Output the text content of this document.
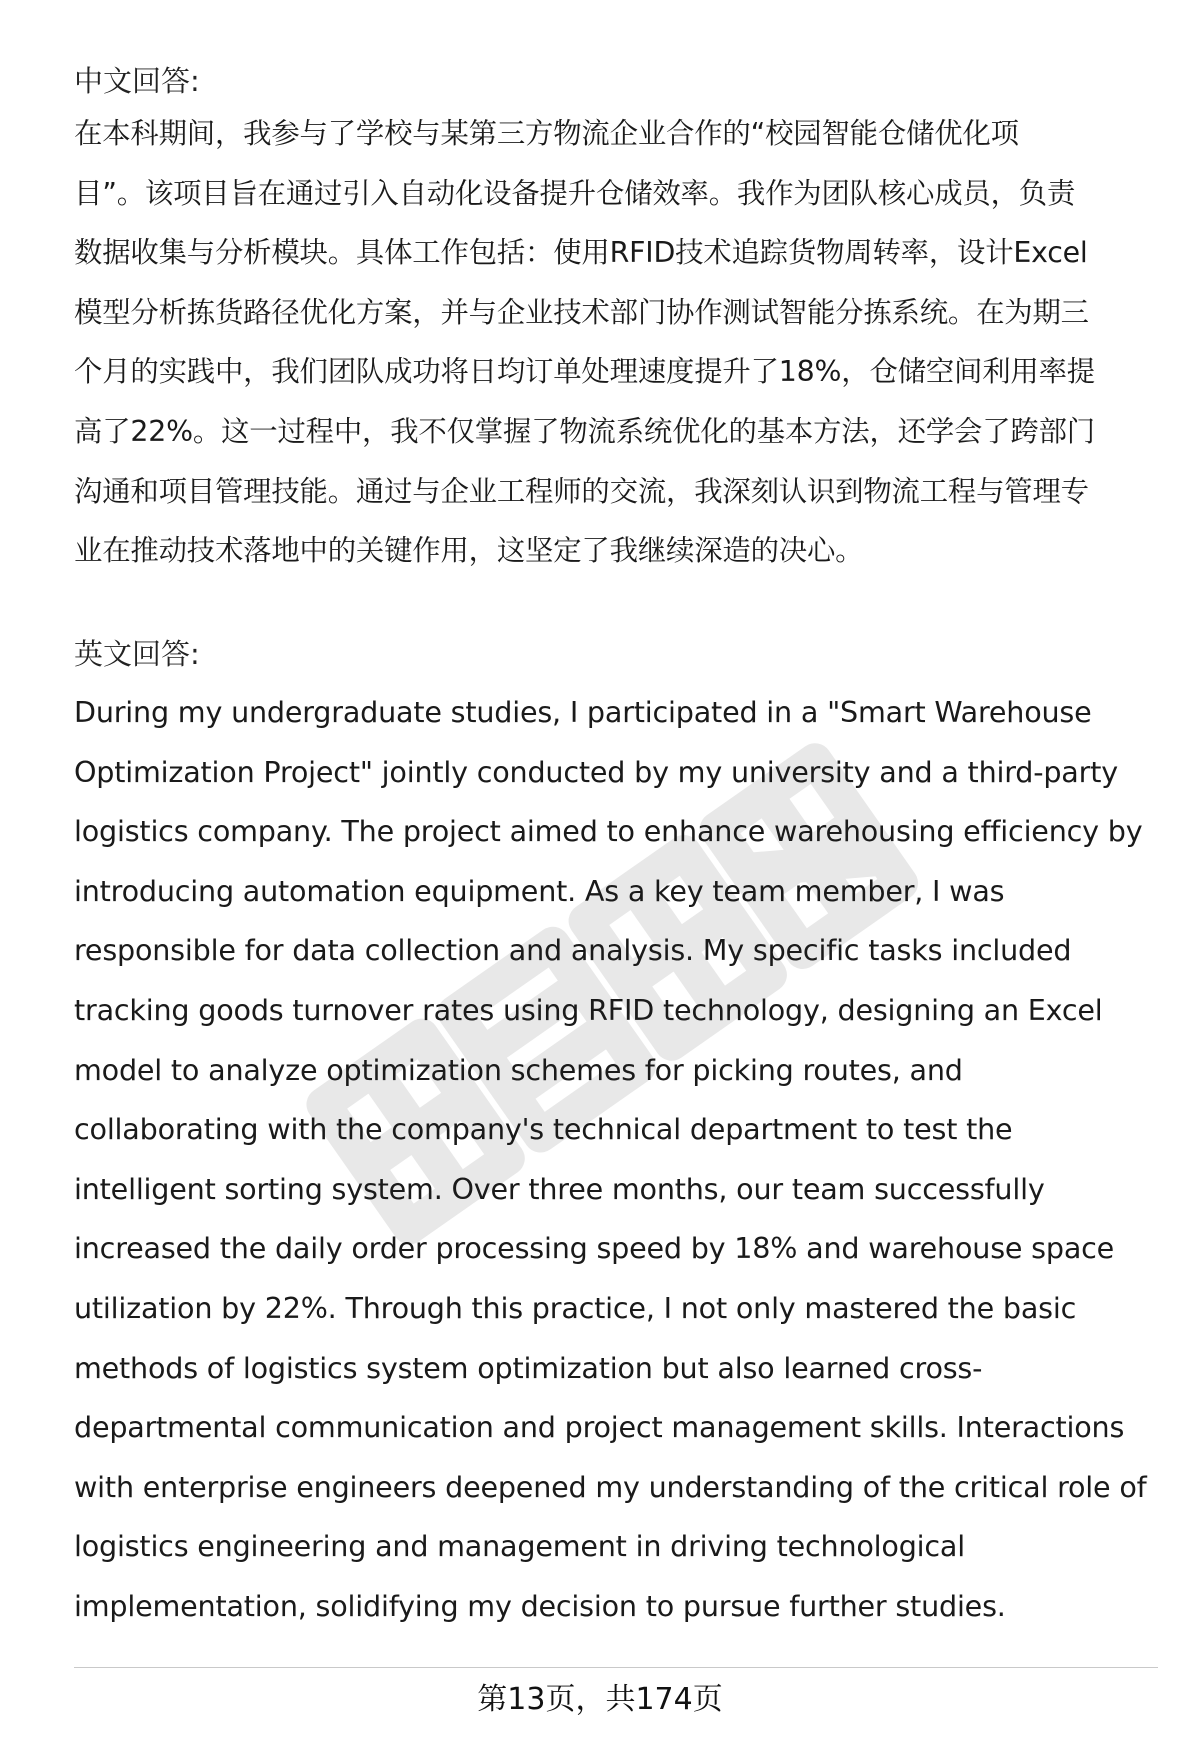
中文回答:
在本科期间，我参与了学校与某第三方物流企业合作的“校园智能仓储优化项
目”。该项目旨在通过引入自动化设备提升仓储效率。我作为团队核心成员，负责
数据收集与分析模块。具体工作包括：使用RFID技术追踪货物周转率，设计Excel
模型分析拣货路径优化方案，并与企业技术部门协作测试智能分拣系统。在为期三
个月的实践中，我们团队成功将日均订单处理速度提升了18%，仓储空间利用率提
高了22%。这一过程中，我不仅掌握了物流系统优化的基本方法，还学会了跨部门
沟通和项目管理技能。通过与企业工程师的交流，我深刻认识到物流工程与管理专
业在推动技术落地中的关键作用，这坚定了我继续深造的决心。
英文回答:
During my undergraduate studies, I participated in a "Smart Warehouse
Optimization Project" jointly conducted by my university and a third-party
logistics company. The project aimed to enhance warehousing efficiency by
introducing automation equipment. As a key team member, I was
responsible for data collection and analysis. My specific tasks included
tracking goods turnover rates using RFID technology, designing an Excel
model to analyze optimization schemes for picking routes, and
collaborating with the company's technical department to test the
intelligent sorting system. Over three months, our team successfully
increased the daily order processing speed by 18% and warehouse space
utilization by 22%. Through this practice, I not only mastered the basic
methods of logistics system optimization but also learned cross-
departmental communication and project management skills. Interactions
with enterprise engineers deepened my understanding of the critical role of
logistics engineering and management in driving technological
implementation, solidifying my decision to pursue further studies.
第13页，共174页
